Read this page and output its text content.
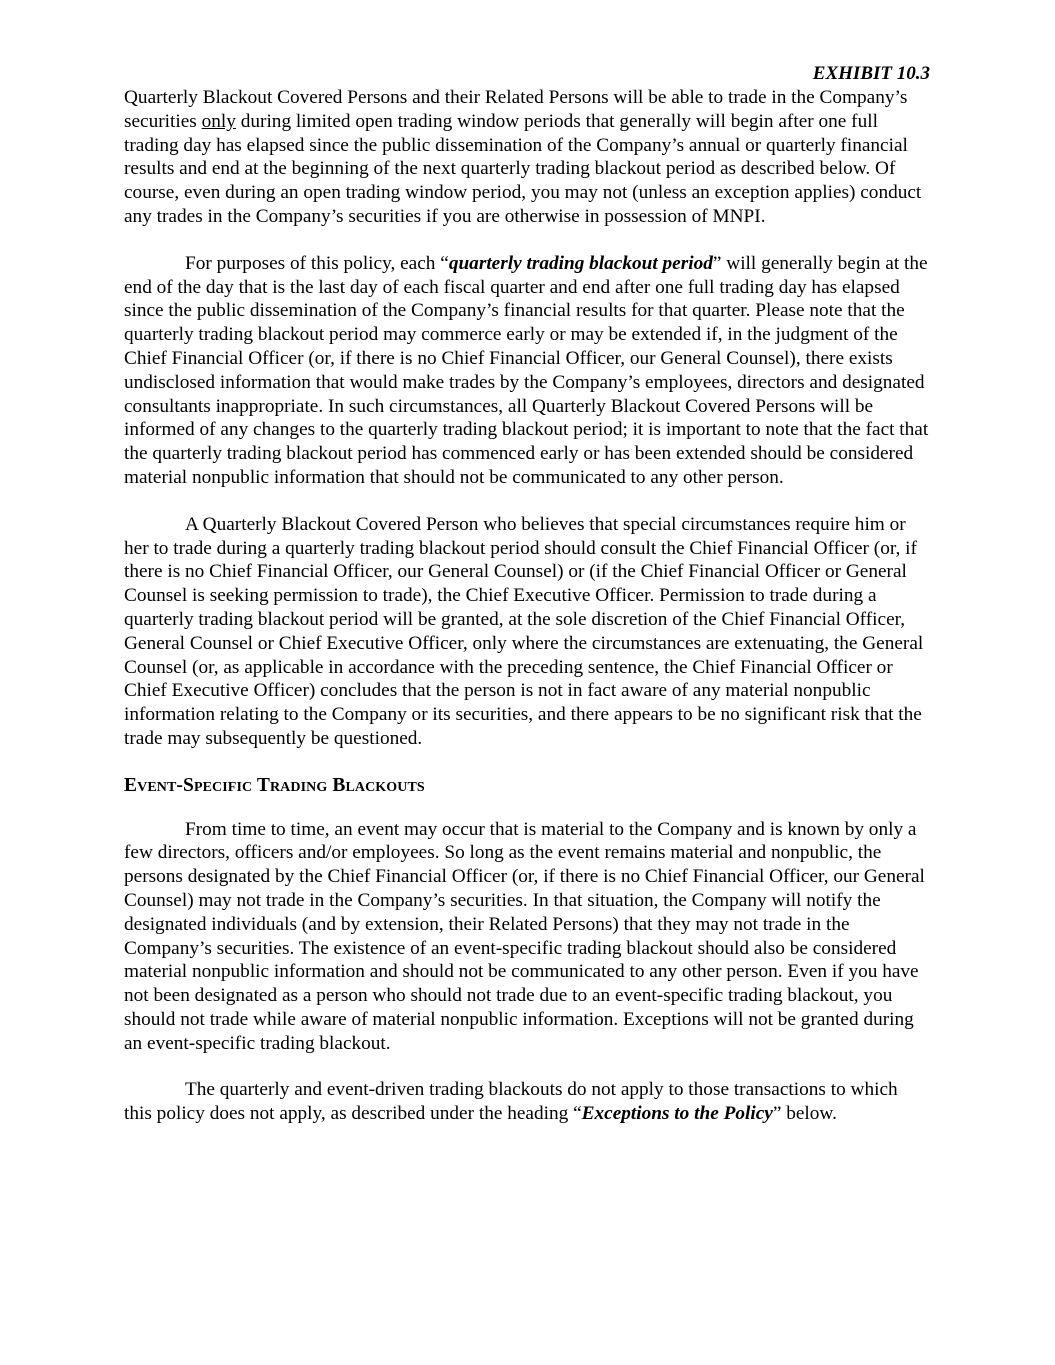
EXHIBIT 10.3

Quarterly Blackout Covered Persons and their Related Persons will be able to trade in the Company’s securities only during limited open trading window periods that generally will begin after one full trading day has elapsed since the public dissemination of the Company’s annual or quarterly financial results and end at the beginning of the next quarterly trading blackout period as described below. Of course, even during an open trading window period, you may not (unless an exception applies) conduct any trades in the Company’s securities if you are otherwise in possession of MNPI.

For purposes of this policy, each “quarterly trading blackout period” will generally begin at the end of the day that is the last day of each fiscal quarter and end after one full trading day has elapsed since the public dissemination of the Company’s financial results for that quarter. Please note that the quarterly trading blackout period may commerce early or may be extended if, in the judgment of the Chief Financial Officer (or, if there is no Chief Financial Officer, our General Counsel), there exists undisclosed information that would make trades by the Company’s employees, directors and designated consultants inappropriate. In such circumstances, all Quarterly Blackout Covered Persons will be informed of any changes to the quarterly trading blackout period; it is important to note that the fact that the quarterly trading blackout period has commenced early or has been extended should be considered material nonpublic information that should not be communicated to any other person.

A Quarterly Blackout Covered Person who believes that special circumstances require him or her to trade during a quarterly trading blackout period should consult the Chief Financial Officer (or, if there is no Chief Financial Officer, our General Counsel) or (if the Chief Financial Officer or General Counsel is seeking permission to trade), the Chief Executive Officer. Permission to trade during a quarterly trading blackout period will be granted, at the sole discretion of the Chief Financial Officer, General Counsel or Chief Executive Officer, only where the circumstances are extenuating, the General Counsel (or, as applicable in accordance with the preceding sentence, the Chief Financial Officer or Chief Executive Officer) concludes that the person is not in fact aware of any material nonpublic information relating to the Company or its securities, and there appears to be no significant risk that the trade may subsequently be questioned.

EVENT-SPECIFIC TRADING BLACKOUTS

From time to time, an event may occur that is material to the Company and is known by only a few directors, officers and/or employees. So long as the event remains material and nonpublic, the persons designated by the Chief Financial Officer (or, if there is no Chief Financial Officer, our General Counsel) may not trade in the Company’s securities. In that situation, the Company will notify the designated individuals (and by extension, their Related Persons) that they may not trade in the Company’s securities. The existence of an event-specific trading blackout should also be considered material nonpublic information and should not be communicated to any other person. Even if you have not been designated as a person who should not trade due to an event-specific trading blackout, you should not trade while aware of material nonpublic information. Exceptions will not be granted during an event-specific trading blackout.

The quarterly and event-driven trading blackouts do not apply to those transactions to which this policy does not apply, as described under the heading “Exceptions to the Policy” below.
